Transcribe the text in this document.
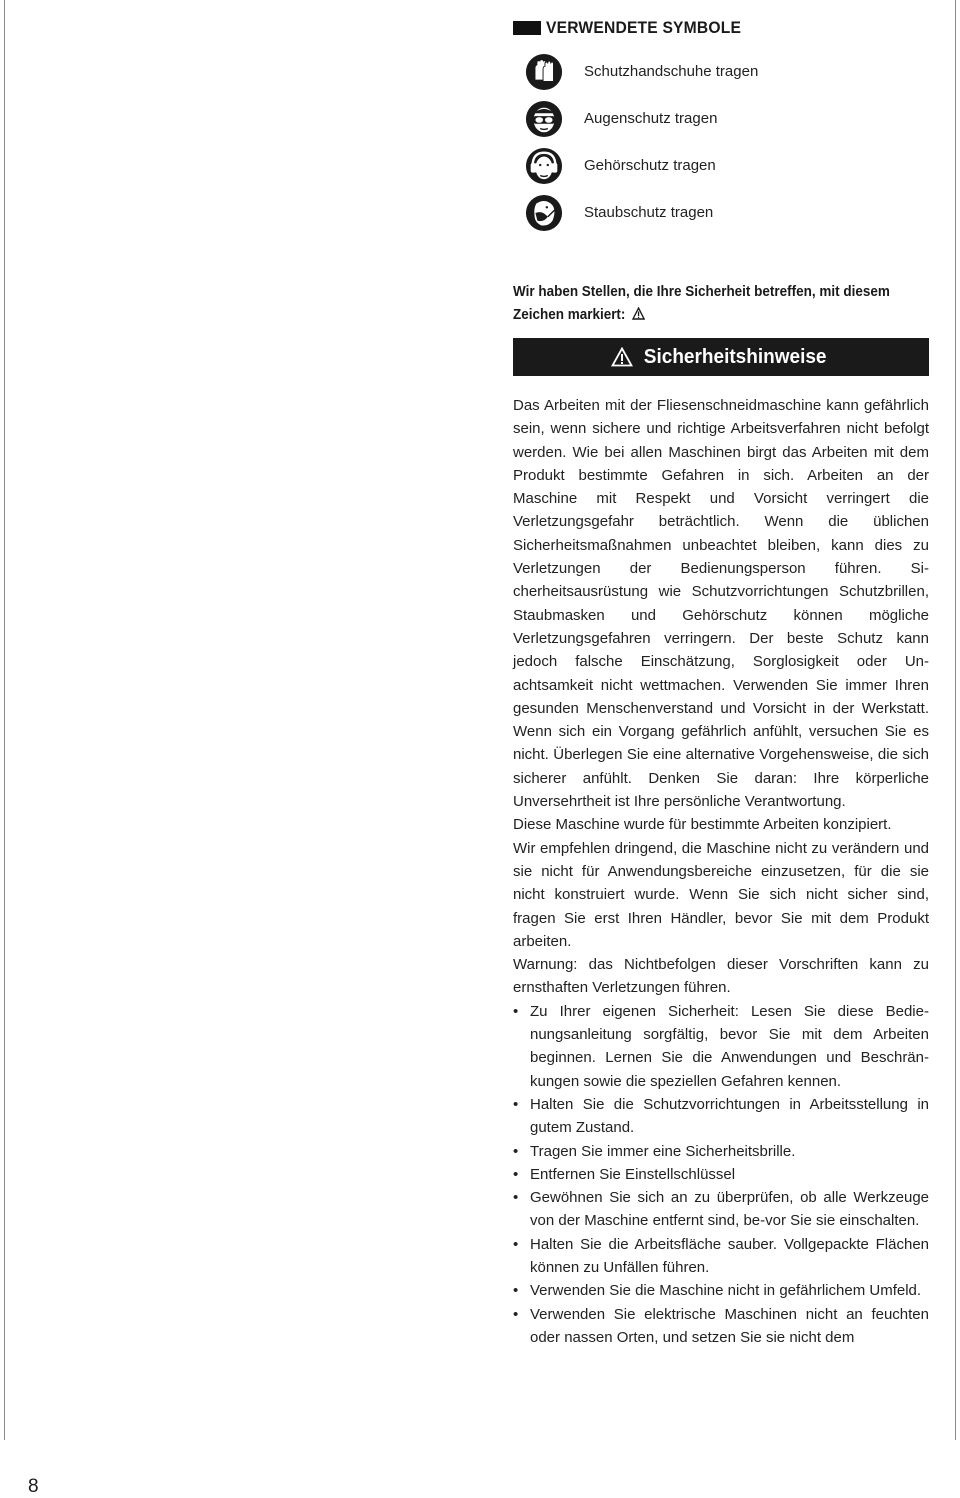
VERWENDETE SYMBOLE
Schutzhandschuhe tragen
Augenschutz tragen
Gehörschutz tragen
Staubschutz tragen
Wir haben Stellen, die Ihre Sicherheit betreffen, mit diesem Zeichen markiert:
Sicherheitshinweise

Das Arbeiten mit der Fliesenschneidmaschine kann gefährlich sein, wenn sichere und richtige Arbeitsverfahren nicht befolgt werden. Wie bei allen Maschinen birgt das Arbeiten mit dem Produkt bestimmte Gefahren in sich. Arbeiten an der Maschine mit Respekt und Vorsicht verringert die Verletzungsgefahr beträchtlich. Wenn die üblichen Sicherheitsmaßnahmen unbeachtet bleiben, kann dies zu Verletzungen der Bedienungsperson führen. Sicherheitsausrüstung wie Schutzvorrichtungen Schutzbrillen, Staubmasken und Gehörschutz können mögliche Verletzungsgefahren verringern. Der beste Schutz kann jedoch falsche Einschätzung, Sorglosigkeit oder Unachtsamkeit nicht wettmachen. Verwenden Sie immer Ihren gesunden Menschenverstand und Vorsicht in der Werkstatt. Wenn sich ein Vorgang gefährlich anfühlt, versuchen Sie es nicht. Überlegen Sie eine alternative Vorgehensweise, die sich sicherer anfühlt. Denken Sie daran: Ihre körperliche Unversehrtheit ist Ihre persönliche Verantwortung.

Diese Maschine wurde für bestimmte Arbeiten konzipiert.

Wir empfehlen dringend, die Maschine nicht zu verändern und sie nicht für Anwendungsbereiche einzusetzen, für die sie nicht konstruiert wurde. Wenn Sie sich nicht sicher sind, fragen Sie erst Ihren Händler, bevor Sie mit dem Produkt arbeiten.

Warnung: das Nichtbefolgen dieser Vorschriften kann zu ernsthaften Verletzungen führen.

• Zu Ihrer eigenen Sicherheit: Lesen Sie diese Bedienungsanleitung sorgfältig, bevor Sie mit dem Arbeiten beginnen. Lernen Sie die Anwendungen und Beschränkungen sowie die speziellen Gefahren kennen.
• Halten Sie die Schutzvorrichtungen in Arbeitsstellung in gutem Zustand.
• Tragen Sie immer eine Sicherheitsbrille.
• Entfernen Sie Einstellschlüssel
• Gewöhnen Sie sich an zu überprüfen, ob alle Werkzeuge von der Maschine entfernt sind, be-vor Sie sie einschalten.
• Halten Sie die Arbeitsfläche sauber. Vollgepackte Flächen können zu Unfällen führen.
• Verwenden Sie die Maschine nicht in gefährlichem Umfeld.
• Verwenden Sie elektrische Maschinen nicht an feuchten oder nassen Orten, und setzen Sie sie nicht dem
8
